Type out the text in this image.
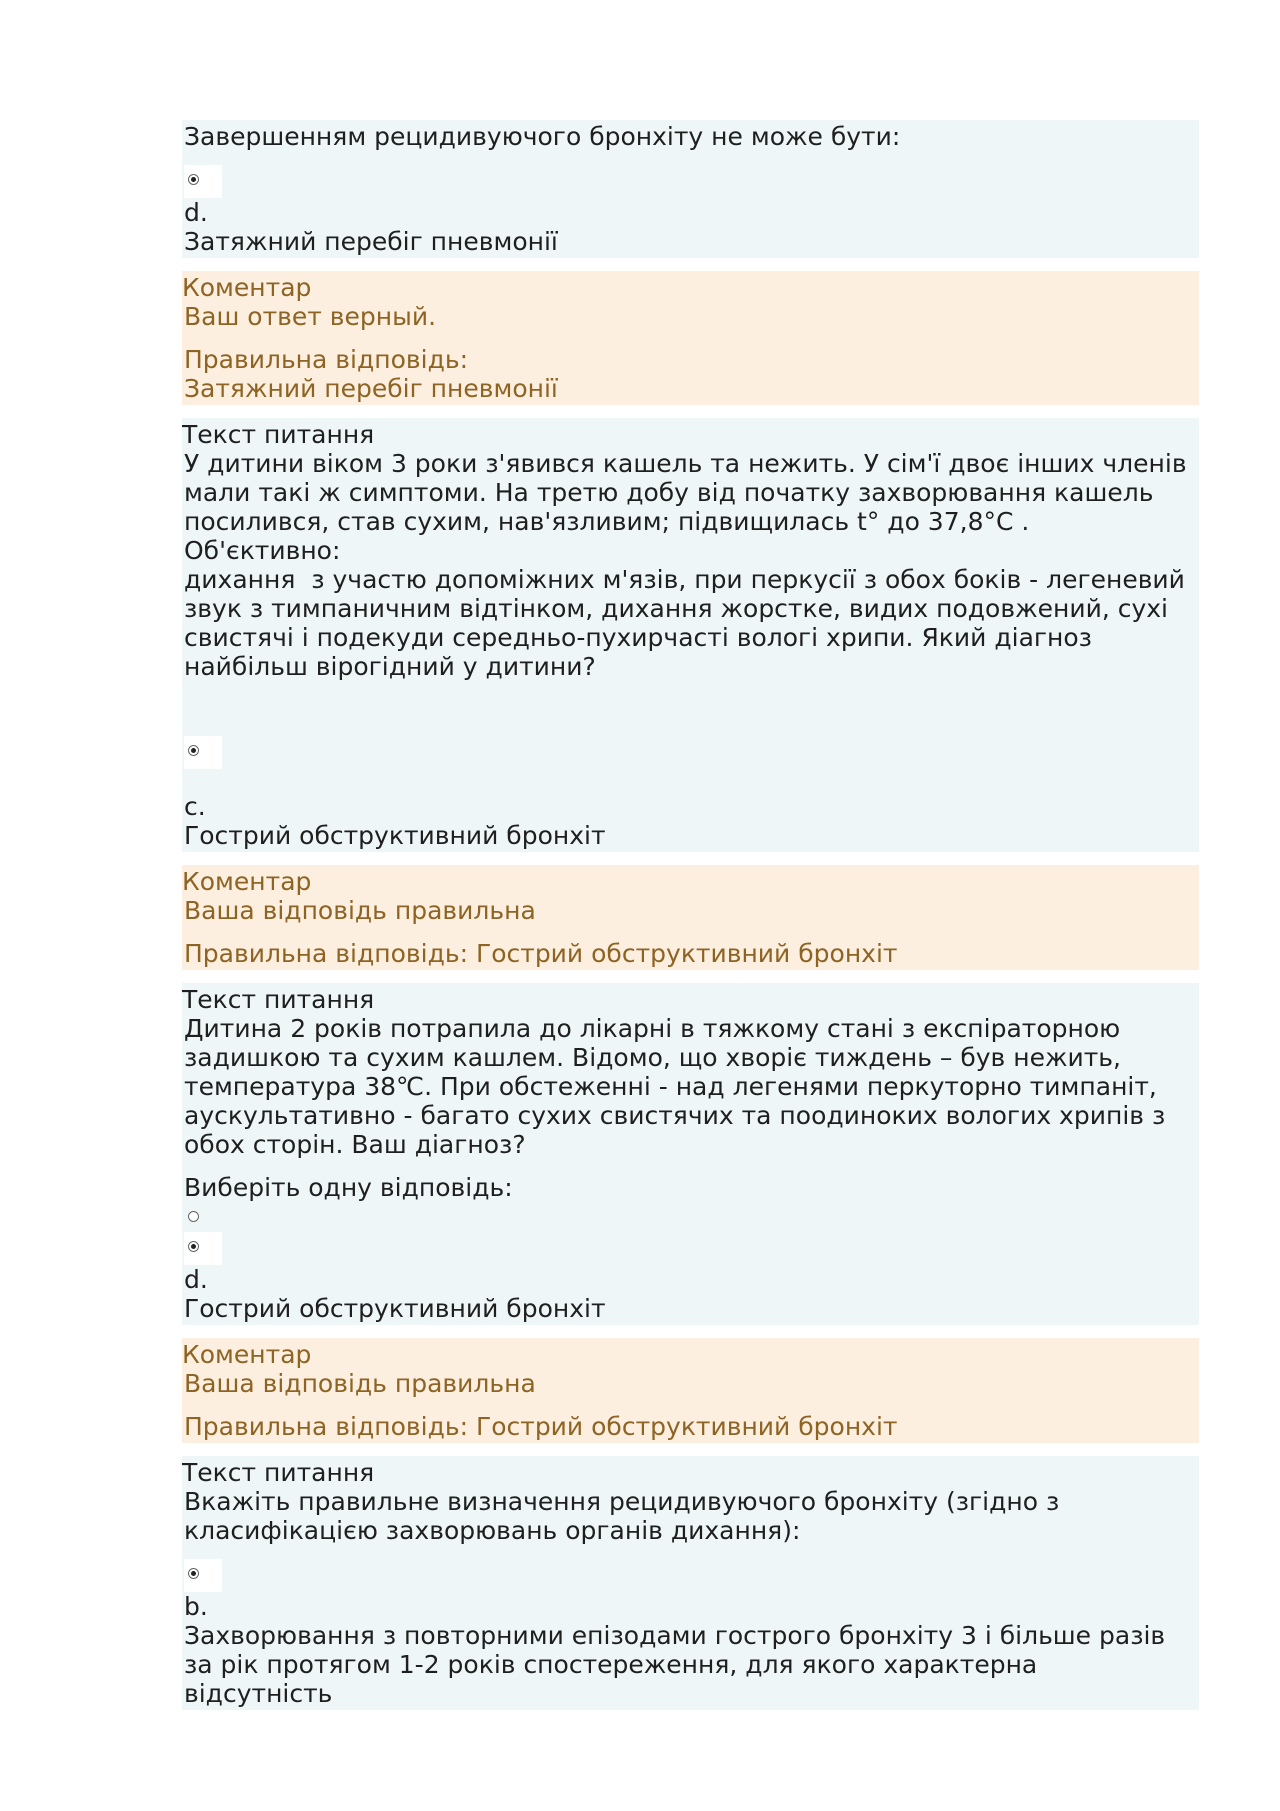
Завершенням рецидивуючого бронхіту не може бути:
d.
Затяжний перебіг пневмонії
Коментар
Ваш ответ верный.
Правильна відповідь:
Затяжний перебіг пневмонії
Текст питання
У дитини віком 3 роки з'явився кашель та нежить. У сім'ї двоє інших членів
мали такі ж симптоми. На третю добу від початку захворювання кашель
посилився, став сухим, нав'язливим; підвищилась t° до 37,8°С . Об'єктивно:
дихання  з участю допоміжних м'язів, при перкусії з обох боків - легеневий
звук з тимпаничним відтінком, дихання жорстке, видих подовжений, сухі
свистячі і подекуди середньо-пухирчасті вологі хрипи. Який діагноз
найбільш вірогідний у дитини?
c.
Гострий обструктивний бронхіт
Коментар
Ваша відповідь правильна
Правильна відповідь: Гострий обструктивний бронхіт
Текст питання
Дитина 2 років потрапила до лікарні в тяжкому стані з експіраторною
задишкою та сухим кашлем. Відомо, що хворіє тиждень – був нежить,
температура 38℃. При обстеженні - над легенями перкуторно тимпаніт,
аускультативно - багато сухих свистячих та поодиноких вологих хрипів з
обох сторін. Ваш діагноз?
Виберіть одну відповідь:
d.
Гострий обструктивний бронхіт
Коментар
Ваша відповідь правильна
Правильна відповідь: Гострий обструктивний бронхіт
Текст питання
Вкажіть правильне визначення рецидивуючого бронхіту (згідно з
класифікацією захворювань органів дихання):
b.
Захворювання з повторними епізодами гострого бронхіту 3 і більше разів
за рік протягом 1-2 років спостереження, для якого характерна відсутність
